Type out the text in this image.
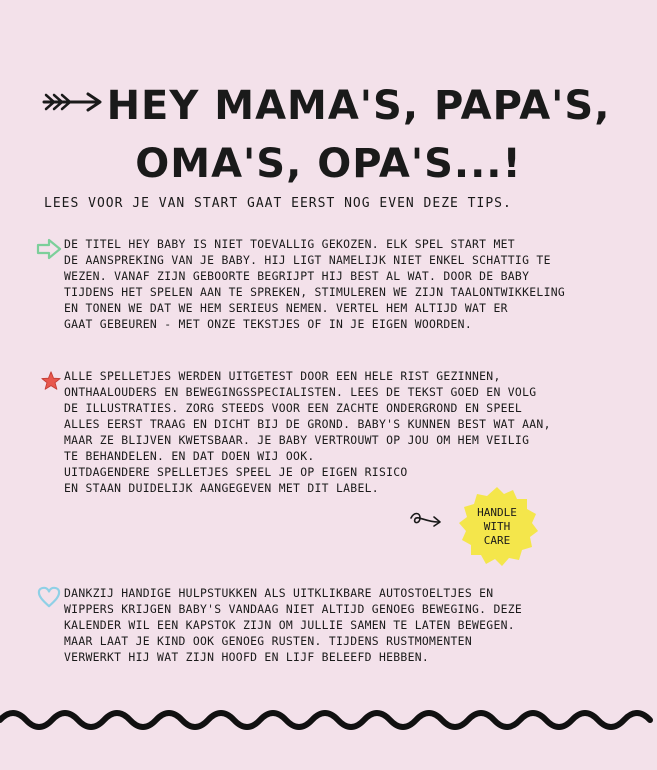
HEY MAMA'S, PAPA'S,
OMA'S, OPA'S...!
LEES VOOR JE VAN START GAAT EERST NOG EVEN DEZE TIPS.
DE TITEL HEY BABY IS NIET TOEVALLIG GEKOZEN. ELK SPEL START MET
DE AANSPREKING VAN JE BABY. HIJ LIGT NAMELIJK NIET ENKEL SCHATTIG TE
WEZEN. VANAF ZIJN GEBOORTE BEGRIJPT HIJ BEST AL WAT. DOOR DE BABY
TIJDENS HET SPELEN AAN TE SPREKEN, STIMULEREN WE ZIJN TAALONTWIKKELING
EN TONEN WE DAT WE HEM SERIEUS NEMEN. VERTEL HEM ALTIJD WAT ER
GAAT GEBEUREN - MET ONZE TEKSTJES OF IN JE EIGEN WOORDEN.
ALLE SPELLETJES WERDEN UITGETEST DOOR EEN HELE RIST GEZINNEN,
ONTHAALOUDERS EN BEWEGINGSSPECIALISTEN. LEES DE TEKST GOED EN VOLG
DE ILLUSTRATIES. ZORG STEEDS VOOR EEN ZACHTE ONDERGROND EN SPEEL
ALLES EERST TRAAG EN DICHT BIJ DE GROND. BABY'S KUNNEN BEST WAT AAN,
MAAR ZE BLIJVEN KWETSBAAR. JE BABY VERTROUWT OP JOU OM HEM VEILIG
TE BEHANDELEN. EN DAT DOEN WIJ OOK.
UITDAGENDERE SPELLETJES SPEEL JE OP EIGEN RISICO
EN STAAN DUIDELIJK AANGEGEVEN MET DIT LABEL.
HANDLE
WITH
CARE
DANKZIJ HANDIGE HULPSTUKKEN ALS UITKLIKBARE AUTOSTOELTJES EN
WIPPERS KRIJGEN BABY'S VANDAAG NIET ALTIJD GENOEG BEWEGING. DEZE
KALENDER WIL EEN KAPSTOK ZIJN OM JULLIE SAMEN TE LATEN BEWEGEN.
MAAR LAAT JE KIND OOK GENOEG RUSTEN. TIJDENS RUSTMOMENTEN
VERWERKT HIJ WAT ZIJN HOOFD EN LIJF BELEEFD HEBBEN.
